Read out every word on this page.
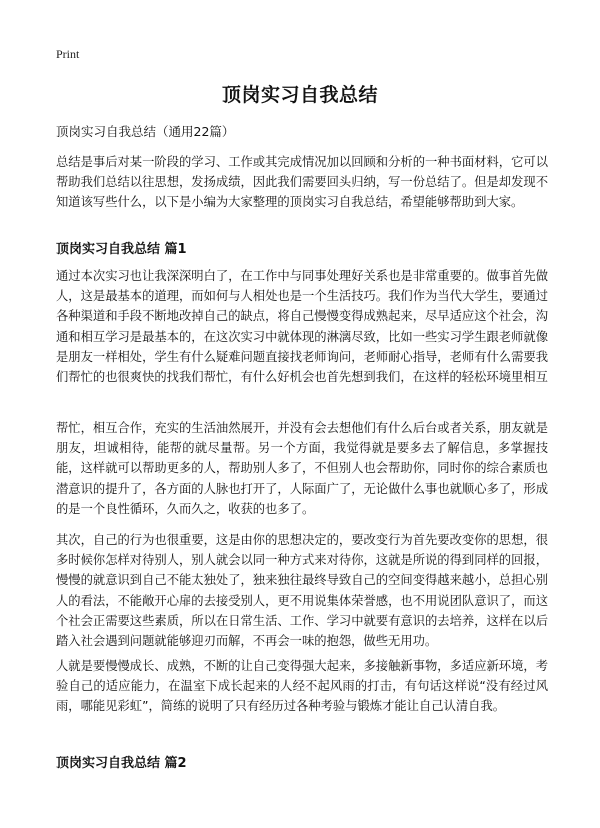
Print

顶岗实习自我总结

顶岗实习自我总结（通用22篇）

总结是事后对某一阶段的学习、工作或其完成情况加以回顾和分析的一种书面材料，它可以帮助我们总结以往思想，发扬成绩，因此我们需要回头归纳，写一份总结了。但是却发现不知道该写些什么，以下是小编为大家整理的顶岗实习自我总结，希望能够帮助到大家。

顶岗实习自我总结 篇1

通过本次实习也让我深深明白了，在工作中与同事处理好关系也是非常重要的。做事首先做人，这是最基本的道理，而如何与人相处也是一个生活技巧。我们作为当代大学生，要通过各种渠道和手段不断地改掉自己的缺点，将自己慢慢变得成熟起来，尽早适应这个社会，沟通和相互学习是最基本的，在这次实习中就体现的淋漓尽致，比如一些实习学生跟老师就像是朋友一样相处，学生有什么疑难问题直接找老师询问，老师耐心指导，老师有什么需要我们帮忙的也很爽快的找我们帮忙，有什么好机会也首先想到我们，在这样的轻松环境里相互

帮忙，相互合作，充实的生活油然展开，并没有会去想他们有什么后台或者关系，朋友就是朋友，坦诚相待，能帮的就尽量帮。另一个方面，我觉得就是要多去了解信息，多掌握技能，这样就可以帮助更多的人，帮助别人多了，不但别人也会帮助你，同时你的综合素质也潜意识的提升了，各方面的人脉也打开了，人际面广了，无论做什么事也就顺心多了，形成的是一个良性循环，久而久之，收获的也多了。

其次，自己的行为也很重要，这是由你的思想决定的，要改变行为首先要改变你的思想，很多时候你怎样对待别人，别人就会以同一种方式来对待你，这就是所说的得到同样的回报，慢慢的就意识到自己不能太独处了，独来独往最终导致自己的空间变得越来越小，总担心别人的看法，不能敞开心扉的去接受别人，更不用说集体荣誉感，也不用说团队意识了，而这个社会正需要这些素质，所以在日常生活、工作、学习中就要有意识的去培养，这样在以后踏入社会遇到问题就能够迎刃而解，不再会一味的抱怨，做些无用功。

人就是要慢慢成长、成熟，不断的让自己变得强大起来，多接触新事物，多适应新环境，考验自己的适应能力，在温室下成长起来的人经不起风雨的打击，有句话这样说“没有经过风雨，哪能见彩虹”，简练的说明了只有经历过各种考验与锻炼才能让自己认清自我。

顶岗实习自我总结 篇2
